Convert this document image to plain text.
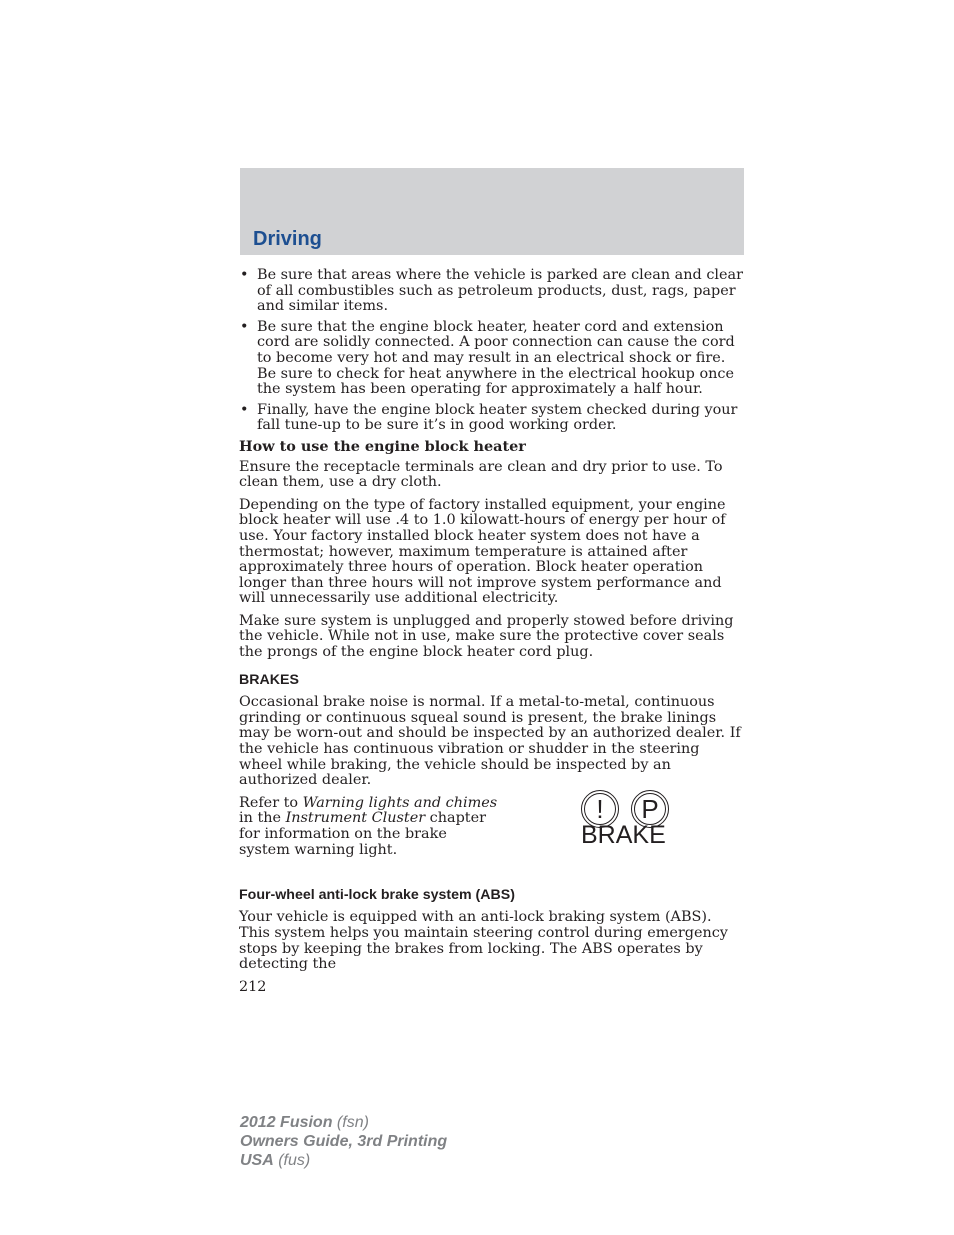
Driving
• Be sure that areas where the vehicle is parked are clean and clear of all combustibles such as petroleum products, dust, rags, paper and similar items.
• Be sure that the engine block heater, heater cord and extension cord are solidly connected. A poor connection can cause the cord to become very hot and may result in an electrical shock or fire. Be sure to check for heat anywhere in the electrical hookup once the system has been operating for approximately a half hour.
• Finally, have the engine block heater system checked during your fall tune-up to be sure it’s in good working order.
How to use the engine block heater

Ensure the receptacle terminals are clean and dry prior to use. To clean them, use a dry cloth.

Depending on the type of factory installed equipment, your engine block heater will use .4 to 1.0 kilowatt-hours of energy per hour of use. Your factory installed block heater system does not have a thermostat; however, maximum temperature is attained after approximately three hours of operation. Block heater operation longer than three hours will not improve system performance and will unnecessarily use additional electricity.

Make sure system is unplugged and properly stowed before driving the vehicle. While not in use, make sure the protective cover seals the prongs of the engine block heater cord plug.

BRAKES

Occasional brake noise is normal. If a metal-to-metal, continuous grinding or continuous squeal sound is present, the brake linings may be worn-out and should be inspected by an authorized dealer. If the vehicle has continuous vibration or shudder in the steering wheel while braking, the vehicle should be inspected by an authorized dealer.

Refer to Warning lights and chimes in the Instrument Cluster chapter for information on the brake system warning light.
!	P
BRAKE
Four-wheel anti-lock brake system (ABS)

Your vehicle is equipped with an anti-lock braking system (ABS). This system helps you maintain steering control during emergency stops by keeping the brakes from locking. The ABS operates by detecting the

212
2012 Fusion (fsn)
Owners Guide, 3rd Printing
USA (fus)
